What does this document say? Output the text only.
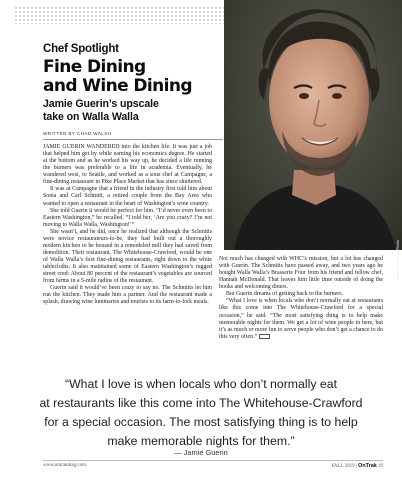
Daniel Kennedy Photo
Chef Spotlight
Fine Dining
and Wine Dining
Jamie Guerin’s upscale
take on Walla Walla
WRITTEN BY CHAD WALSH

JAMIE GUERIN WANDERED into the kitchen life. It was just a job that helped him get by while earning his economics degree. He started at the bottom and as he worked his way up, he decided a life running the burners was preferable to a life in academia. Eventually, he wandered west, to Seattle, and worked as a sous chef at Campagne, a fine-dining restaurant in Pike Place Market that has since shuttered.

It was at Campagne that a friend in the industry first told him about Sonia and Carl Schmitt, a retired couple from the Bay Area who wanted to open a restaurant in the heart of Washington’s wine country.

She told Guerin it would be perfect for him. “I’d never even been to Eastern Washington,” he recalled. “I told her, ‘Are you crazy? I’m not moving to Walla Walla, Washington!’”

She wasn’t, and he did, once he realized that although the Schmitts were novice restaurateurs-to-be, they had built out a thoroughly modern kitchen to be housed in a remodeled mill they had saved from demolition. Their restaurant, The Whitehouse-Crawford, would be one of Walla Walla’s first fine-dining restaurants, right down to the white tablecloths. It also maintained some of Eastern Washington’s rugged street cred: About 80 percent of the restaurant’s vegetables are sourced from farms in a 5-mile radius of the restaurant.

Guerin said it would’ve been crazy to say no. The Schmitts let him run the kitchen. They made him a partner. And the restaurant made a splash, drawing wine luminaries and tourists to its farm-to-fork meals.

Not much has changed with WHC’s mission, but a lot has changed with Guerin. The Schmitts have passed away, and two years ago he bought Walla Walla’s Brasserie Four from his friend and fellow chef, Hannah McDonald. That leaves him little time outside of doing the books and welcoming diners.

But Guerin dreams of getting back to the burners.

“What I love is when locals who don’t normally eat at restaurants like this come into The Whitehouse-Crawford for a special occasion,” he said. “The most satisfying thing is to help make memorable nights for them. We get a lot of wine people in here, but it’s as much or more fun to serve people who don’t get a chance to do this very often.”

“What I love is when locals who don’t normally eat
at restaurants like this come into The Whitehouse-Crawford
for a special occasion. The most satisfying thing is to help
make memorable nights for them.”
— Jamie Guerin
www.ontrakmag.com	FALL 2019 | OnTrak 19
